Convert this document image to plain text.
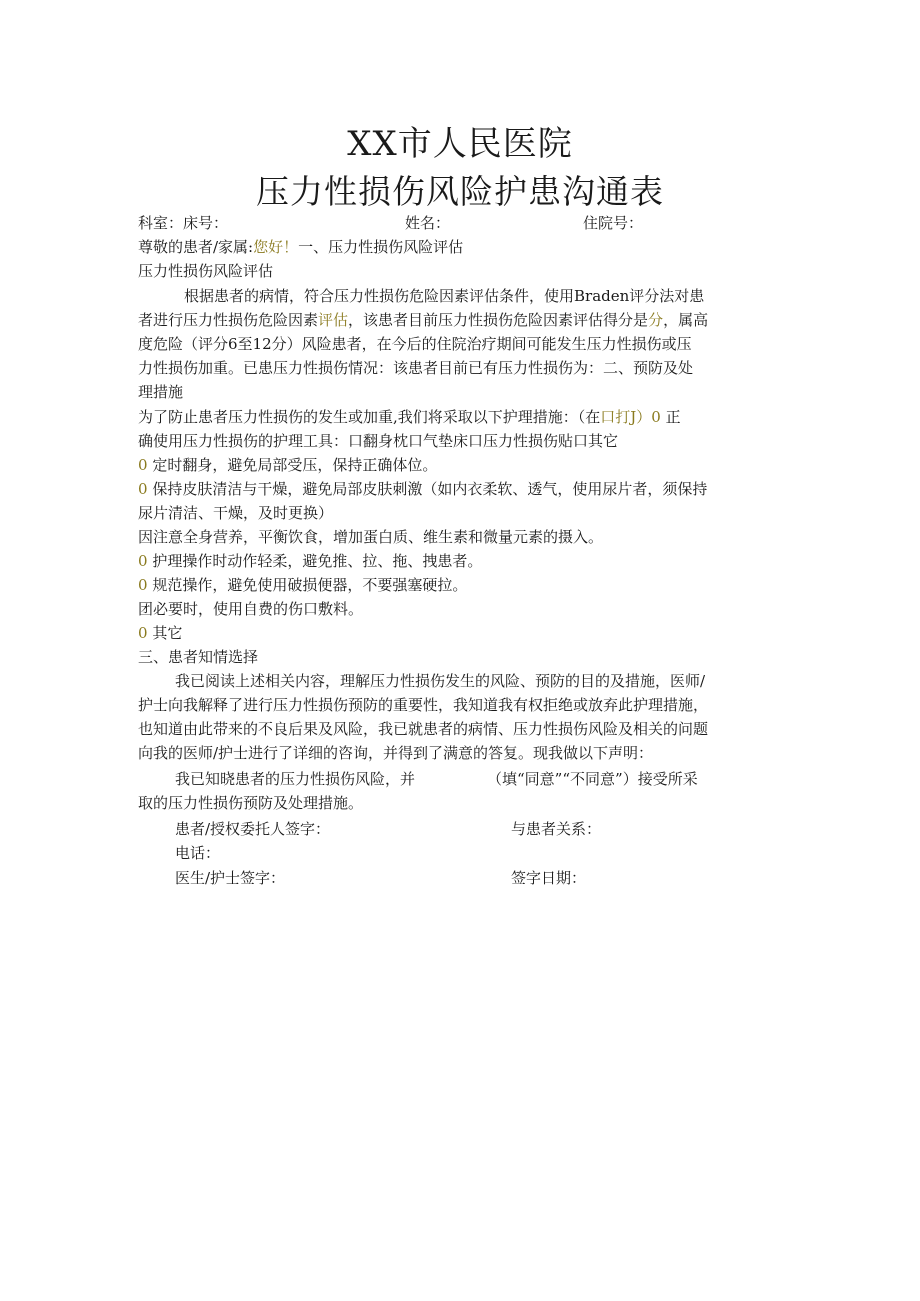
XX市人民医院
压力性损伤风险护患沟通表
科室：床号：	姓名：	住院号：
尊敬的患者/家属:您好！一、压力性损伤风险评估
压力性损伤风险评估
根据患者的病情，符合压力性损伤危险因素评估条件，使用Braden评分法对患
者进行压力性损伤危险因素评估，该患者目前压力性损伤危险因素评估得分是分，属高
度危险（评分6至12分）风险患者，在今后的住院治疗期间可能发生压力性损伤或压
力性损伤加重。已患压力性损伤情况：该患者目前已有压力性损伤为：二、预防及处
理措施
为了防止患者压力性损伤的发生或加重,我们将采取以下护理措施：（在口打J）0 正
确使用压力性损伤的护理工具：口翻身枕口气垫床口压力性损伤贴口其它
0 定时翻身，避免局部受压，保持正确体位。
0 保持皮肤清洁与干燥，避免局部皮肤刺激（如内衣柔软、透气，使用尿片者，须保持
尿片清洁、干燥，及时更换）
因注意全身营养，平衡饮食，增加蛋白质、维生素和微量元素的摄入。
0 护理操作时动作轻柔，避免推、拉、拖、拽患者。
0 规范操作，避免使用破损便器，不要强塞硬拉。
团必要时，使用自费的伤口敷料。
0 其它
三、患者知情选择
我已阅读上述相关内容，理解压力性损伤发生的风险、预防的目的及措施，医师/
护士向我解释了进行压力性损伤预防的重要性，我知道我有权拒绝或放弃此护理措施，
也知道由此带来的不良后果及风险，我已就患者的病情、压力性损伤风险及相关的问题
向我的医师/护士进行了详细的咨询，并得到了满意的答复。现我做以下声明：
我已知晓患者的压力性损伤风险，并	（填“同意”“不同意”）接受所采
取的压力性损伤预防及处理措施。
患者/授权委托人签字：	与患者关系：
电话：
医生/护士签字：	签字日期：
